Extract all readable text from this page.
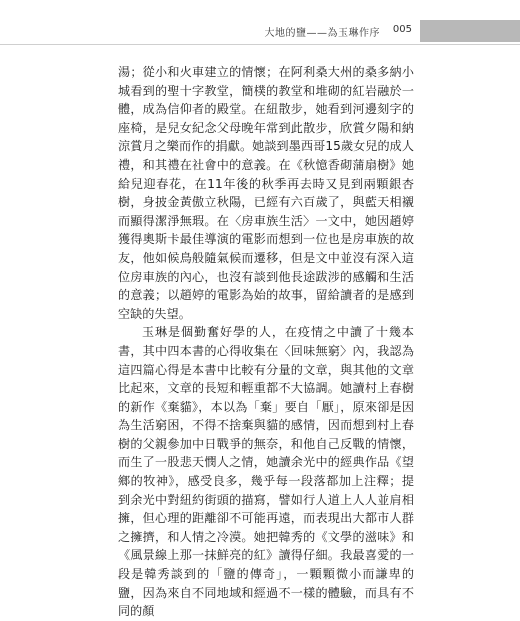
大地的鹽——為玉琳作序 005

湯；從小和火車建立的情懷；在阿利桑大州的桑多納小城看到的聖十字教堂，簡樸的教堂和堆砌的紅岩融於一體，成為信仰者的殿堂。在紐散步，她看到河邊刻字的座椅，是兒女紀念父母晚年常到此散步，欣賞夕陽和納涼賞月之樂而作的捐獻。她談到墨西哥15歲女兒的成人禮，和其禮在社會中的意義。在《秋憶香砌蒲扇樹》她給兒迎春花，在11年後的秋季再去時又見到兩顆銀杏樹，身披金黃傲立秋陽，已經有六百歲了，與藍天相襯而顯得潔淨無瑕。在〈房車族生活〉一文中，她因趙婷獲得奧斯卡最佳導演的電影而想到一位也是房車族的故友，他如候鳥般隨氣候而遷移，但是文中並沒有深入這位房車族的內心，也沒有談到他長途跋涉的感觸和生活的意義；以趙婷的電影為始的故事，留給讀者的是感到空缺的失望。

玉琳是個勤奮好學的人，在疫情之中讀了十幾本書，其中四本書的心得收集在〈回味無窮〉內，我認為這四篇心得是本書中比較有分量的文章，與其他的文章比起來，文章的長短和輕重都不大協調。她讀村上春樹的新作《棄貓》，本以為「棄」要自「厭」，原來卻是因為生活窮困，不得不捨棄與貓的感情，因而想到村上春樹的父親參加中日戰爭的無奈，和他自己反戰的情懷，而生了一股悲天憫人之情，她讀余光中的經典作品《望鄉的牧神》，感受良多，幾乎每一段落都加上注釋；提到余光中對紐約街頭的描寫，譬如行人道上人人並肩相擁，但心理的距離卻不可能再遠，而表現出大都市人群之擁擠，和人情之冷漠。她把韓秀的《文學的滋味》和《風景線上那一抹鮮亮的紅》讀得仔細。我最喜愛的一段是韓秀談到的「鹽的傳奇」，一顆顆微小而謙卑的鹽，因為來自不同地域和經過不一樣的體驗，而具有不同的顏
